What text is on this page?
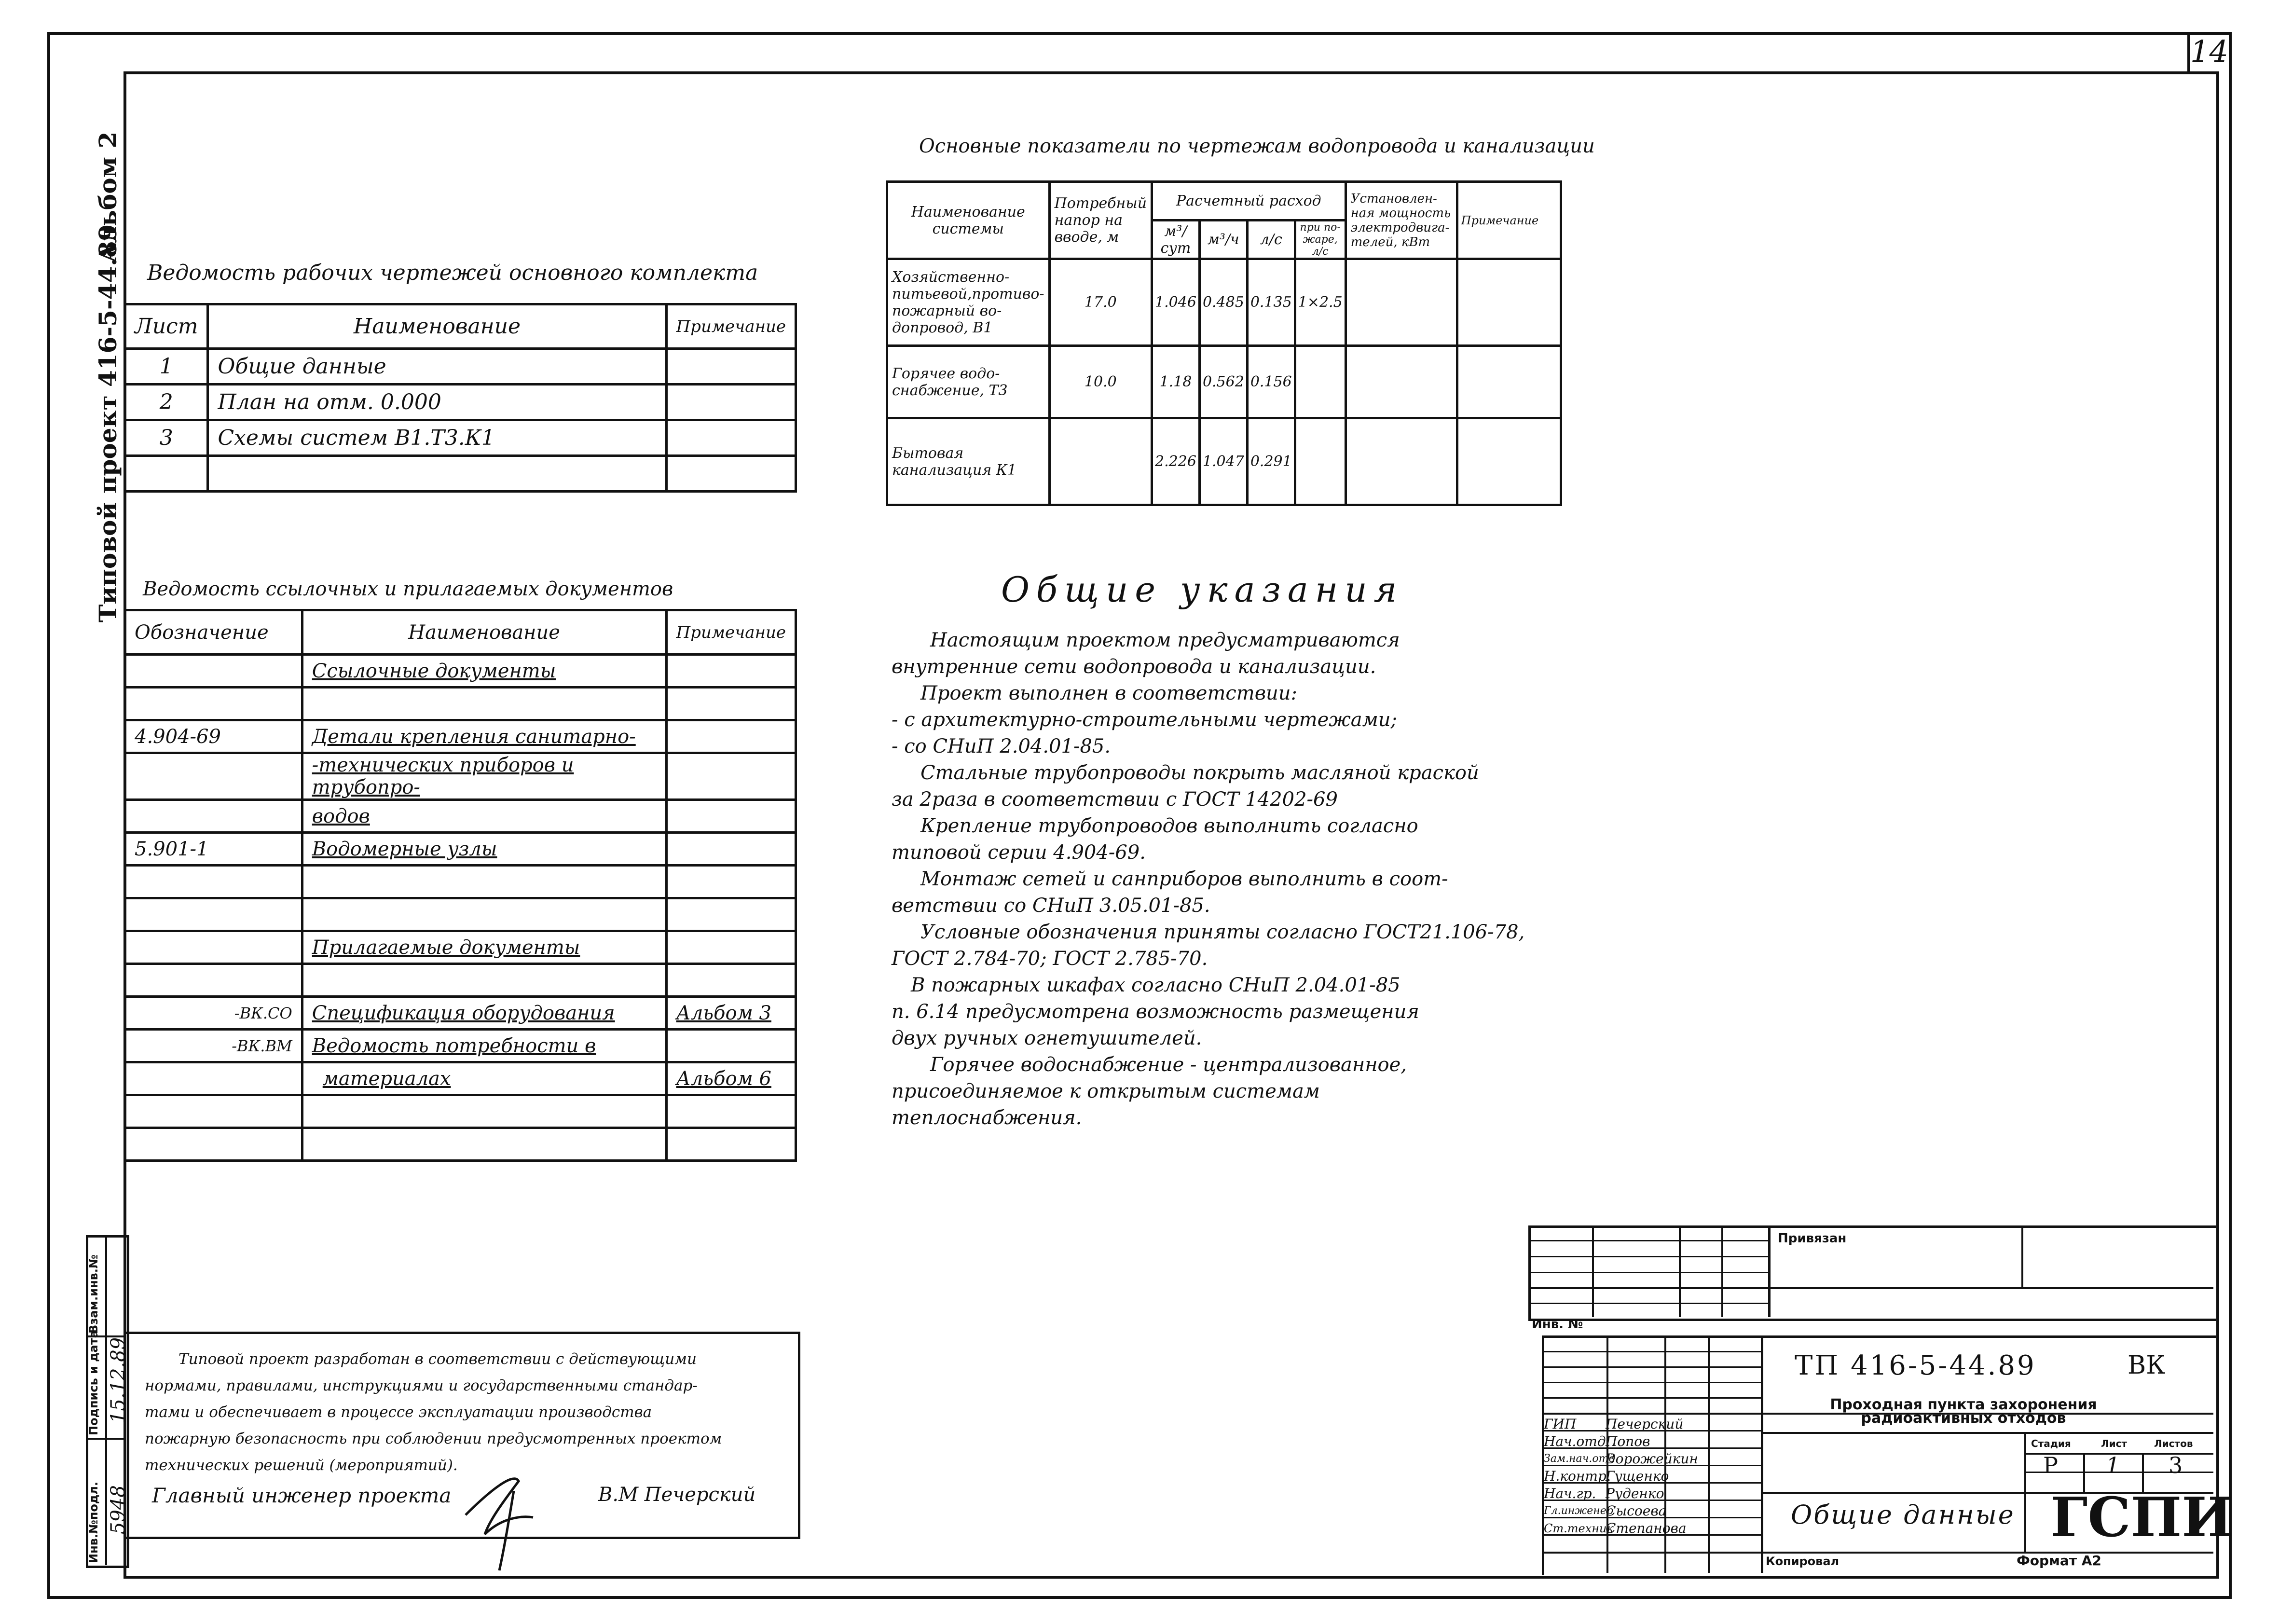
14
Альбом 2
Типовой проект 416-5-44.89
Инв.№подл.
Подпись и дата
Взам.инв.№
5948
15.12.89
Ведомость рабочих чертежей основного комплекта
Лист	Наименование	Примечание
1	Общие данные	
2	План на отм. 0.000	
3	Схемы систем В1.Т3.К1	

Ведомость ссылочных и прилагаемых документов
Обозначение	Наименование	Примечание
	Ссылочные документы	

4.904-69	Детали крепления санитарно-	
	-технических приборов и трубопро-	
	водов	
5.901-1	Водомерные узлы	

	Прилагаемые документы	

-ВК.СО	Спецификация оборудования	Альбом 3
-ВК.ВМ	Ведомость потребности в	
	материалах	Альбом 6

Основные показатели по чертежам водопровода и канализации
Наименование системы	Потребный напор на вводе, м	Расчетный расход				Установлен-ная мощность электродвига-телей, кВт	Примечание
		м³/сут	м³/ч	л/с	при по-жаре, л/с		
Хозяйственно-питьевой,противо-пожарный во-допровод, В1	17.0	1.046	0.485	0.135	1×2.5		
Горячее водо-снабжение, Т3	10.0	1.18	0.562	0.156			
Бытовая канализация К1		2.226	1.047	0.291			
Общие указания
Настоящим проектом предусматриваются
внутренние сети водопровода и канализации.
Проект выполнен в соответствии:
- с архитектурно-строительными чертежами;
- со СНиП 2.04.01-85.
Стальные трубопроводы покрыть масляной краской
за 2раза в соответствии с ГОСТ 14202-69
Крепление трубопроводов выполнить согласно
типовой серии 4.904-69.
Монтаж сетей и санприборов выполнить в соот-
ветствии со СНиП 3.05.01-85.
Условные обозначения приняты согласно ГОСТ21.106-78,
ГОСТ 2.784-70; ГОСТ 2.785-70.
В пожарных шкафах согласно СНиП 2.04.01-85
п. 6.14 предусмотрена возможность размещения
двух ручных огнетушителей.
Горячее водоснабжение - централизованное,
присоединяемое к открытым системам
теплоснабжения.
Типовой проект разработан в соответствии с действующими
нормами, правилами, инструкциями и государственными стандар-
тами и обеспечивает в процессе эксплуатации производства
пожарную безопасность при соблюдении предусмотренных проектом
технических решений (мероприятий).
Главный инженер проекта	В.М Печерский
Привязан
Инв. №
ТП 416-5-44.89	ВК
Проходная пункта захоронения радиоактивных отходов
Стадия	Лист	Листов
Р 1 3
Общие данные ГСПИ
Копировал	Формат А2
ГИП	Печерский
Нач.отд Попов
Зам.нач.отд
Ворожейкин
Н.контр.
Гущенко
Нач.гр. Руденко
Гл.инженер
Сысоева
Ст.техник
Степанова
